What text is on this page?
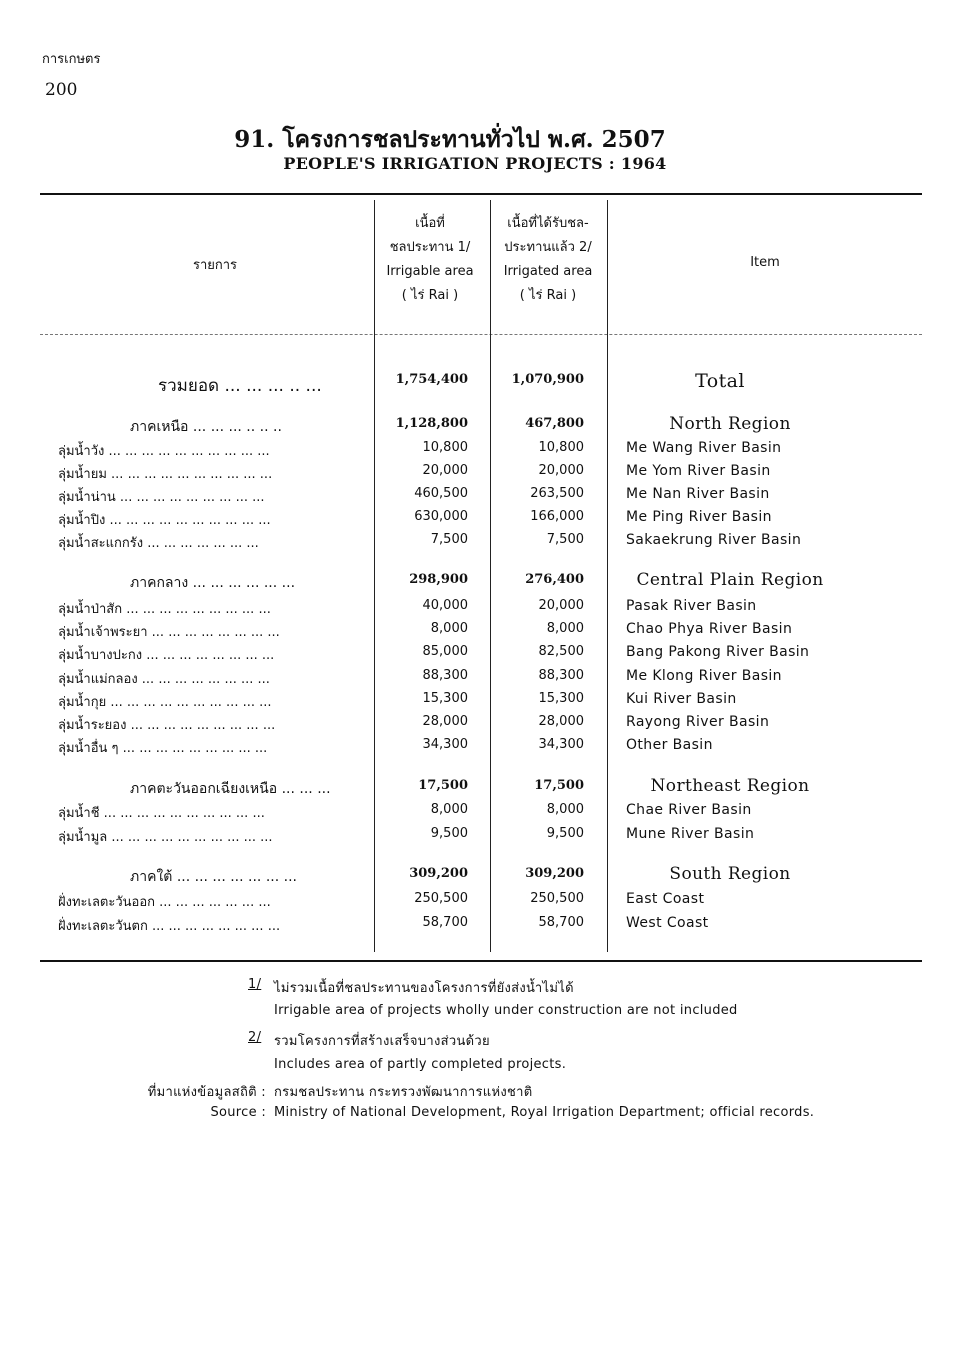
การเกษตร
200
91. โครงการชลประทานทั่วไป พ.ศ. 2507
PEOPLE'S IRRIGATION PROJECTS : 1964
รายการ
เนื้อที่
ชลประทาน 1/
Irrigable area
( ไร่ Rai )
เนื้อที่ได้รับชล-
ประทานแล้ว 2/
Irrigated area
( ไร่ Rai )
Item
รวมยอด ... ... ... .. ...	1,754,400	1,070,900	Total
ภาคเหนือ ... ... ... .. .. ..	1,128,800	467,800	North Region
ลุ่มน้ำวัง ... ... ... ... ... ... ... ... ... ...	10,800	10,800	Me Wang River Basin
ลุ่มน้ำยม ... ... ... ... ... ... ... ... ... ...	20,000	20,000	Me Yom River Basin
ลุ่มน้ำน่าน ... ... ... ... ... ... ... ... ...	460,500	263,500	Me Nan River Basin
ลุ่มน้ำปิง ... ... ... ... ... ... ... ... ... ...	630,000	166,000	Me Ping River Basin
ลุ่มน้ำสะแกกรัง ... ... ... ... ... ... ...	7,500	7,500	Sakaekrung River Basin
ภาคกลาง ... ... ... ... ... ...	298,900	276,400	Central Plain Region
ลุ่มน้ำป่าสัก ... ... ... ... ... ... ... ... ...	40,000	20,000	Pasak River Basin
ลุ่มน้ำเจ้าพระยา ... ... ... ... ... ... ... ...	8,000	8,000	Chao Phya River Basin
ลุ่มน้ำบางปะกง ... ... ... ... ... ... ... ...	85,000	82,500	Bang Pakong River Basin
ลุ่มน้ำแม่กลอง ... ... ... ... ... ... ... ...	88,300	88,300	Me Klong River Basin
ลุ่มน้ำกุย ... ... ... ... ... ... ... ... ... ...	15,300	15,300	Kui River Basin
ลุ่มน้ำระยอง ... ... ... ... ... ... ... ... ...	28,000	28,000	Rayong River Basin
ลุ่มน้ำอื่น ๆ ... ... ... ... ... ... ... ... ...	34,300	34,300	Other Basin
ภาคตะวันออกเฉียงเหนือ ... ... ...	17,500	17,500	Northeast Region
ลุ่มน้ำชี ... ... ... ... ... ... ... ... ... ...	8,000	8,000	Chae River Basin
ลุ่มน้ำมูล ... ... ... ... ... ... ... ... ... ...	9,500	9,500	Mune River Basin
ภาคใต้ ... ... ... ... ... ... ...	309,200	309,200	South Region
ฝั่งทะเลตะวันออก ... ... ... ... ... ... ...	250,500	250,500	East Coast
ฝั่งทะเลตะวันตก ... ... ... ... ... ... ... ...	58,700	58,700	West Coast
1/ ไม่รวมเนื้อที่ชลประทานของโครงการที่ยังส่งน้ำไม่ได้
Irrigable area of projects wholly under construction are not included
2/ รวมโครงการที่สร้างเสร็จบางส่วนด้วย
Includes area of partly completed projects.
ที่มาแห่งข้อมูลสถิติ : กรมชลประทาน กระทรวงพัฒนาการแห่งชาติ
Source : Ministry of National Development, Royal Irrigation Department; official records.
